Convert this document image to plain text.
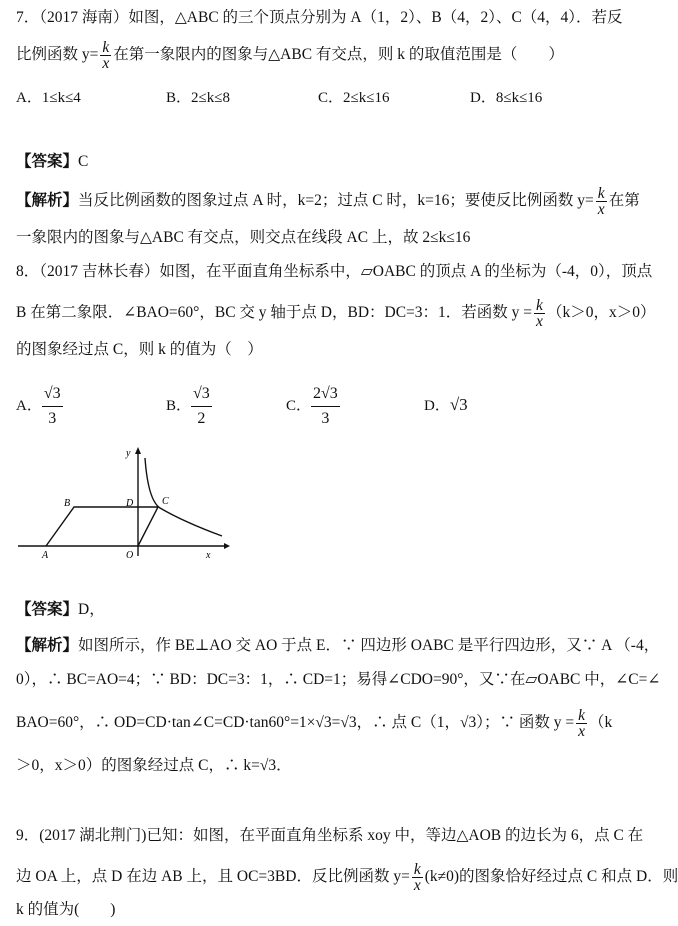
7．（2017 海南）如图，△ABC 的三个顶点分别为 A（1，2）、B（4，2）、C（4，4）．若反
比例函数 $y= \frac{k}{x}$ 在第一象限内的图象与△ABC 有交点，则 k 的取值范围是（　　）
A．1≤k≤4	B．2≤k≤8	C．2≤k≤16	D．8≤k≤16
【答案】C
【解析】当反比例函数的图象过点 A 时，k=2；过点 C 时，k=16；要使反比例函数 $y= \frac{k}{x}$ 在第
一象限内的图象与△ABC 有交点，则交点在线段 AC 上，故 2≤k≤16
8．（2017 吉林长春）如图，在平面直角坐标系中，▱OABC 的顶点 A 的坐标为（-4，0），顶点
B 在第二象限．∠BAO=60°，BC 交 y 轴于点 D，BD：DC=3：1．若函数 $y = \frac{k}{x} (k>0$，x＞0）
的图象经过点 C，则 k 的值为（　）
A． $\frac{√3}{3}$	B． $\frac{√3}{2}$	C． $\frac{2√3}{3}$	D．√3
y
B	D	C
A	O	x
【答案】D，
【解析】如图所示，作 BE⊥AO 交 AO 于点 E．∵ 四边形 OABC 是平行四边形，又∵ A （-4，
0），∴ BC=AO=4；∵ BD：DC=3：1，∴ CD=1；易得∠CDO=90°，又∵在▱OABC 中，∠C=∠
BAO=60°，∴ OD=CD·tan∠C=CD·tan60°=1×√3=√3，∴ 点 C（1，√3）；∵ 函数 $y = \frac{k}{x} (k$
＞0，x＞0）的图象经过点 C，∴ k=√3．
9．(2017 湖北荆门)已知：如图，在平面直角坐标系 xoy 中，等边△AOB 的边长为 6，点 C 在
边 OA 上，点 D 在边 AB 上，且 OC=3BD．反比例函数 $y= \frac{k}{x} (k\ne 0)$的图象恰好经过点 C 和点 D．则
k 的值为(　　)
